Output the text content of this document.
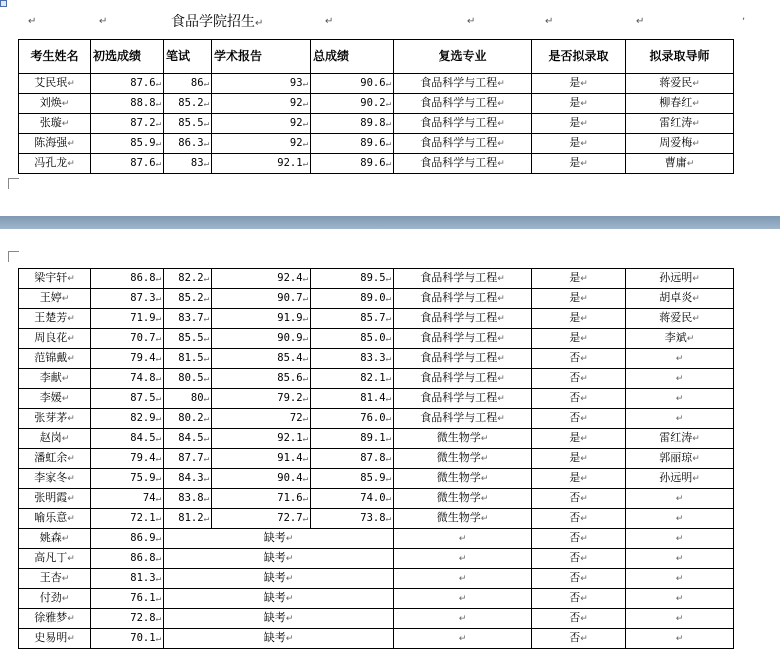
↵	↵	食品学院招生↵	↵	↵	↵	↵	,
考生姓名	初选成绩	笔试	学术报告	总成绩	复选专业	是否拟录取	拟录取导师
艾民珉↵	87.6↵	86↵	93↵	90.6↵	食品科学与工程↵	是↵	蒋爱民↵
刘焕↵	88.8↵	85.2↵	92↵	90.2↵	食品科学与工程↵	是↵	柳春红↵
张璇↵	87.2↵	85.5↵	92↵	89.8↵	食品科学与工程↵	是↵	雷红涛↵
陈海强↵	85.9↵	86.3↵	92↵	89.6↵	食品科学与工程↵	是↵	周爱梅↵
冯孔龙↵	87.6↵	83↵	92.1↵	89.6↵	食品科学与工程↵	是↵	曹庸↵
梁宇轩↵	86.8↵	82.2↵	92.4↵	89.5↵	食品科学与工程↵	是↵	孙远明↵
王婷↵	87.3↵	85.2↵	90.7↵	89.0↵	食品科学与工程↵	是↵	胡卓炎↵
王楚芳↵	71.9↵	83.7↵	91.9↵	85.7↵	食品科学与工程↵	是↵	蒋爱民↵
周良花↵	70.7↵	85.5↵	90.9↵	85.0↵	食品科学与工程↵	是↵	李斌↵
范锦戴↵	79.4↵	81.5↵	85.4↵	83.3↵	食品科学与工程↵	否↵	↵
李献↵	74.8↵	80.5↵	85.6↵	82.1↵	食品科学与工程↵	否↵	↵
李媛↵	87.5↵	80↵	79.2↵	81.4↵	食品科学与工程↵	否↵	↵
张芽茅↵	82.9↵	80.2↵	72↵	76.0↵	食品科学与工程↵	否↵	↵
赵岗↵	84.5↵	84.5↵	92.1↵	89.1↵	微生物学↵	是↵	雷红涛↵
潘虹余↵	79.4↵	87.7↵	91.4↵	87.8↵	微生物学↵	是↵	郭丽琼↵
李家冬↵	75.9↵	84.3↵	90.4↵	85.9↵	微生物学↵	是↵	孙远明↵
张明霞↵	74↵	83.8↵	71.6↵	74.0↵	微生物学↵	否↵	↵
喻乐意↵	72.1↵	81.2↵	72.7↵	73.8↵	微生物学↵	否↵	↵
姚森↵	86.9↵	缺考↵			↵	否↵	↵
高凡丁↵	86.8↵	缺考↵			↵	否↵	↵
王杏↵	81.3↵	缺考↵			↵	否↵	↵
付劲↵	76.1↵	缺考↵			↵	否↵	↵
徐雅梦↵	72.8↵	缺考↵			↵	否↵	↵
史易明↵	70.1↵	缺考↵			↵	否↵	↵
